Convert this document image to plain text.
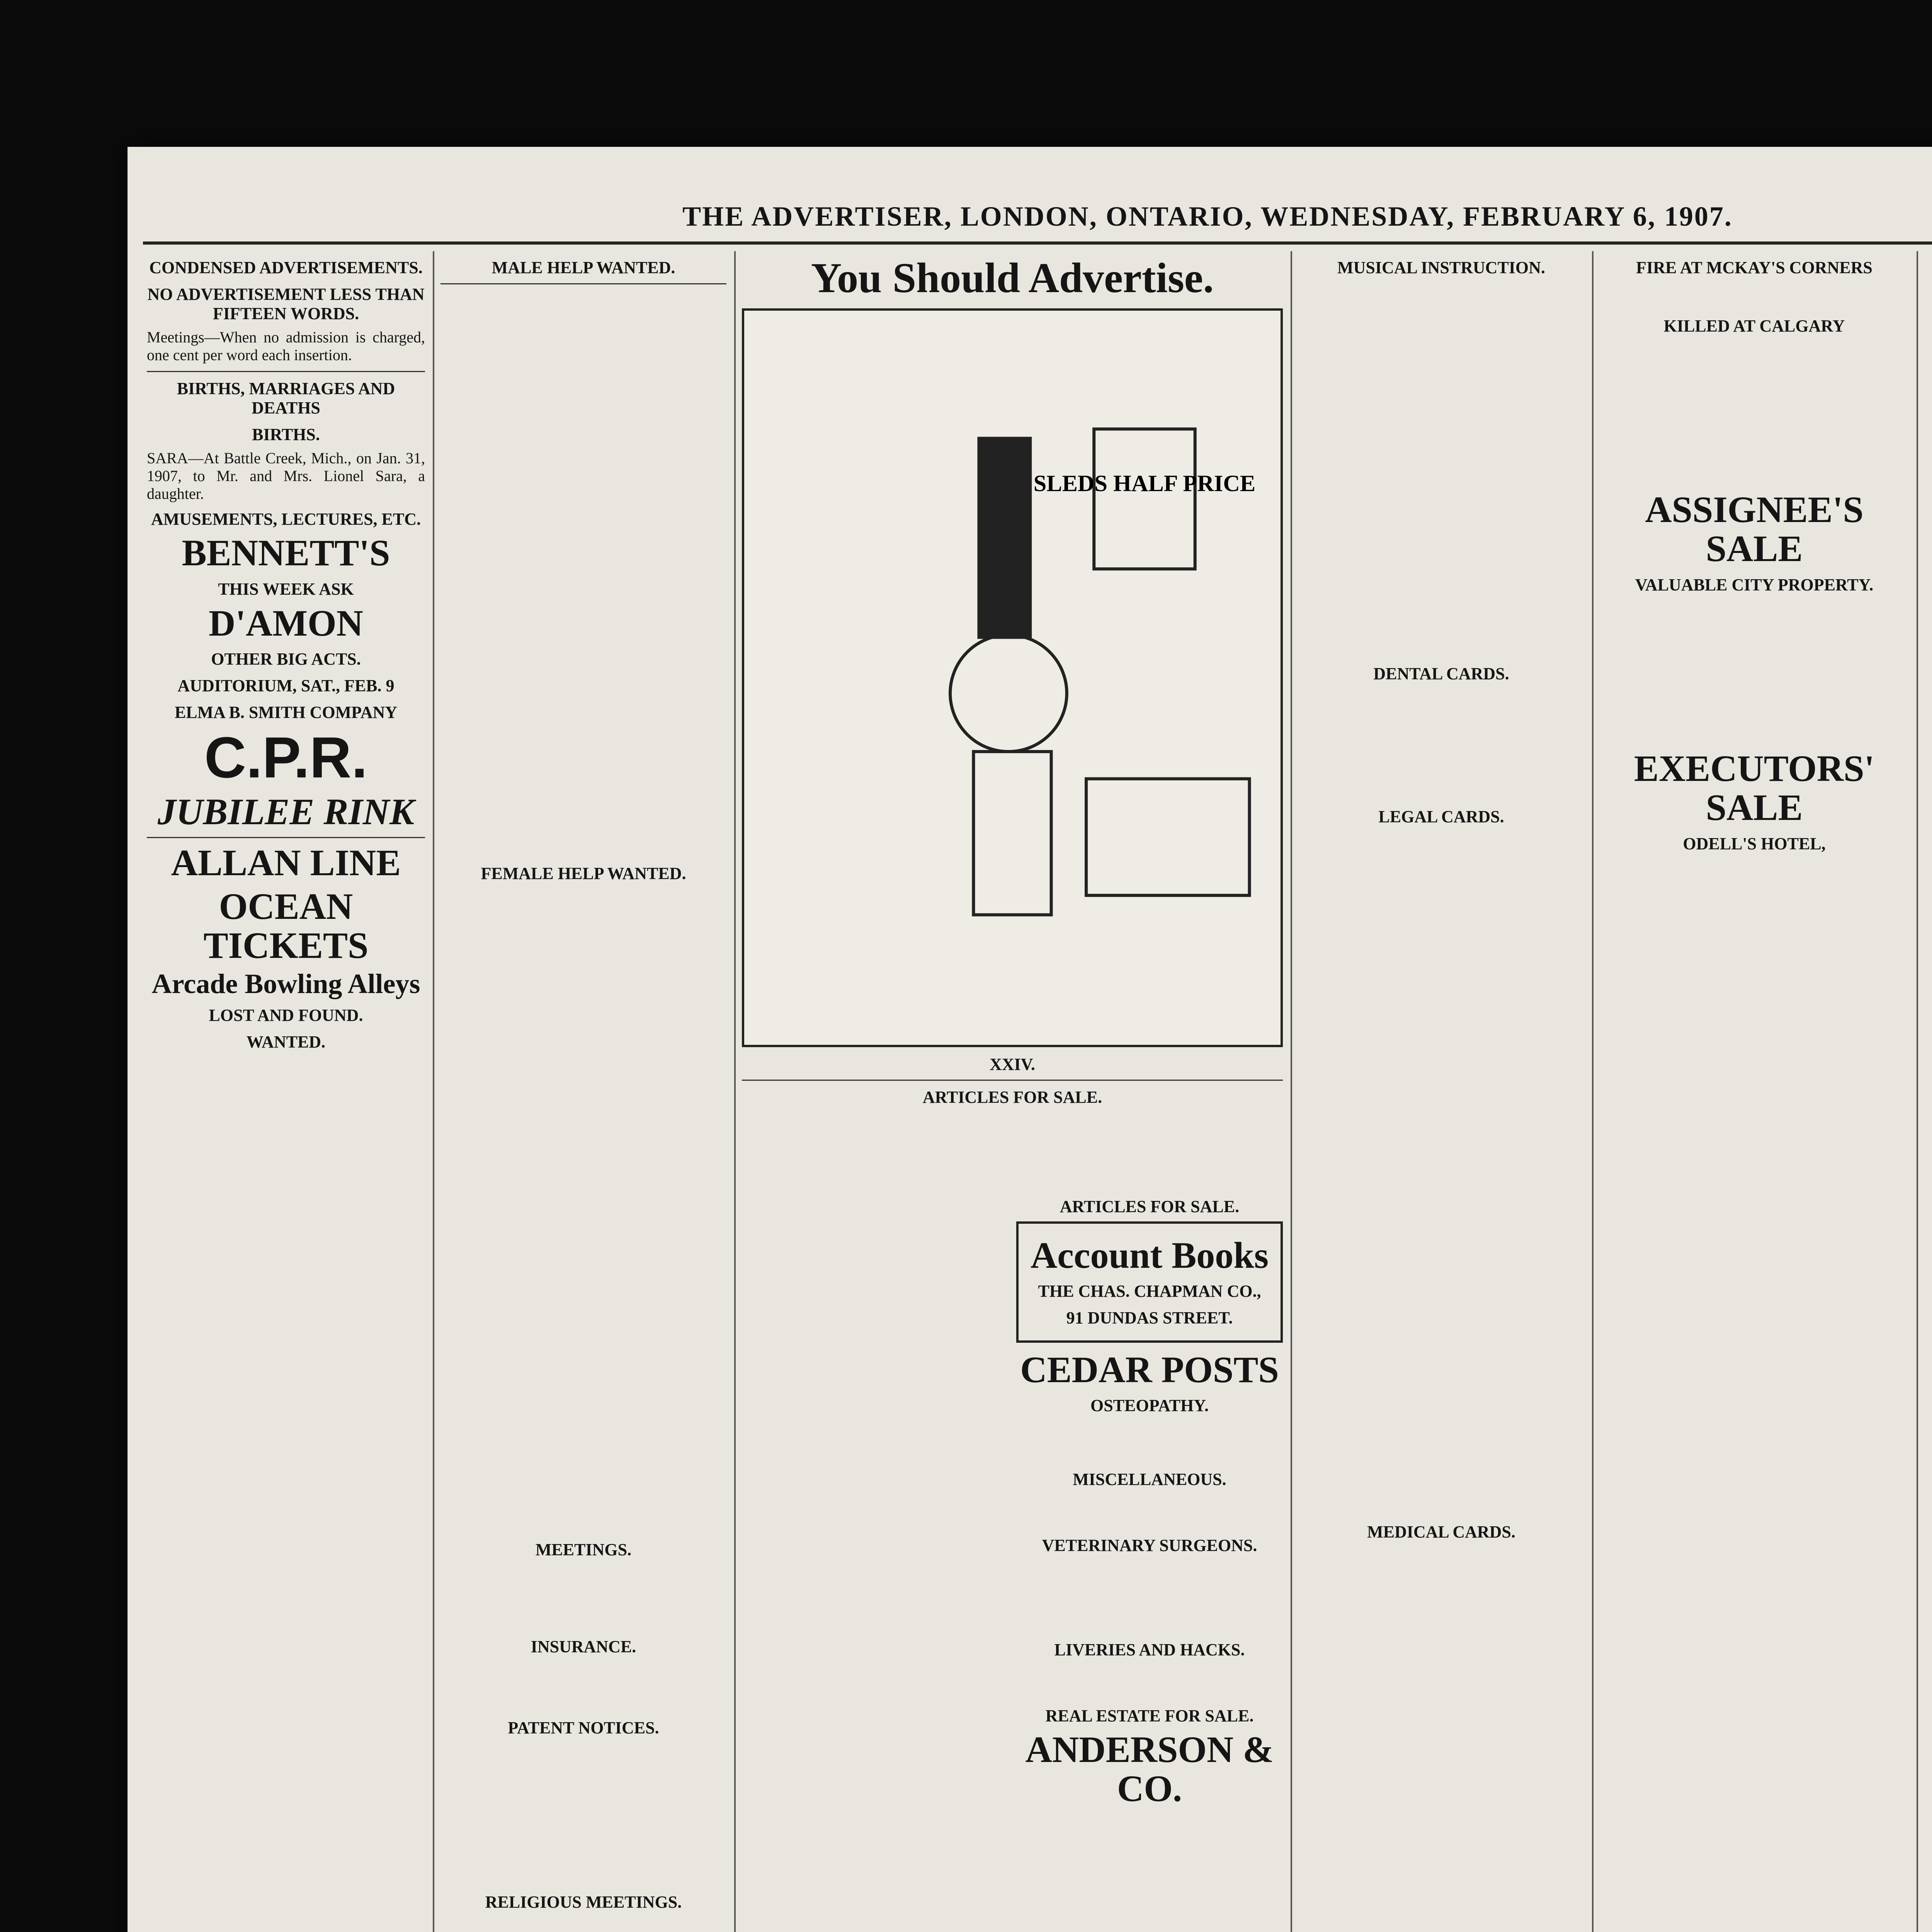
THE ADVERTISER, LONDON, ONTARIO, WEDNESDAY, FEBRUARY 6, 1907.
CONDENSED ADVERTISEMENTS.
NO ADVERTISEMENT LESS THAN FIFTEEN WORDS.
Meetings—When no admission is charged, one cent per word each insertion.
BIRTHS, MARRIAGES AND DEATHS
BIRTHS.
SARA—At Battle Creek, Mich., on Jan. 31, 1907, to Mr. and Mrs. Lionel Sara, a daughter.
AMUSEMENTS, LECTURES, ETC.
BENNETT'S
THIS WEEK ASK
D'AMON
OTHER BIG ACTS.
AUDITORIUM, SAT., FEB. 9
ELMA B. SMITH COMPANY
C.P.R.
JUBILEE RINK
ALLAN LINE
OCEAN TICKETS
Arcade Bowling Alleys
LOST AND FOUND.
WANTED.
MALE HELP WANTED.
FEMALE HELP WANTED.
MEETINGS.
INSURANCE.
PATENT NOTICES.
RELIGIOUS MEETINGS.
You Should Advertise.
SLEDS HALF PRICE
XXIV.
ARTICLES FOR SALE.
ARTICLES FOR SALE.
Account Books
THE CHAS. CHAPMAN CO.,
91 DUNDAS STREET.
CEDAR POSTS
OSTEOPATHY.
MISCELLANEOUS.
VETERINARY SURGEONS.
LIVERIES AND HACKS.
REAL ESTATE FOR SALE.
ANDERSON & CO.
MUSICAL INSTRUCTION.
DENTAL CARDS.
LEGAL CARDS.
MEDICAL CARDS.
FIRE AT MCKAY'S CORNERS
KILLED AT CALGARY
ASSIGNEE'S SALE
VALUABLE CITY PROPERTY.
EXECUTORS' SALE
ODELL'S HOTEL,
